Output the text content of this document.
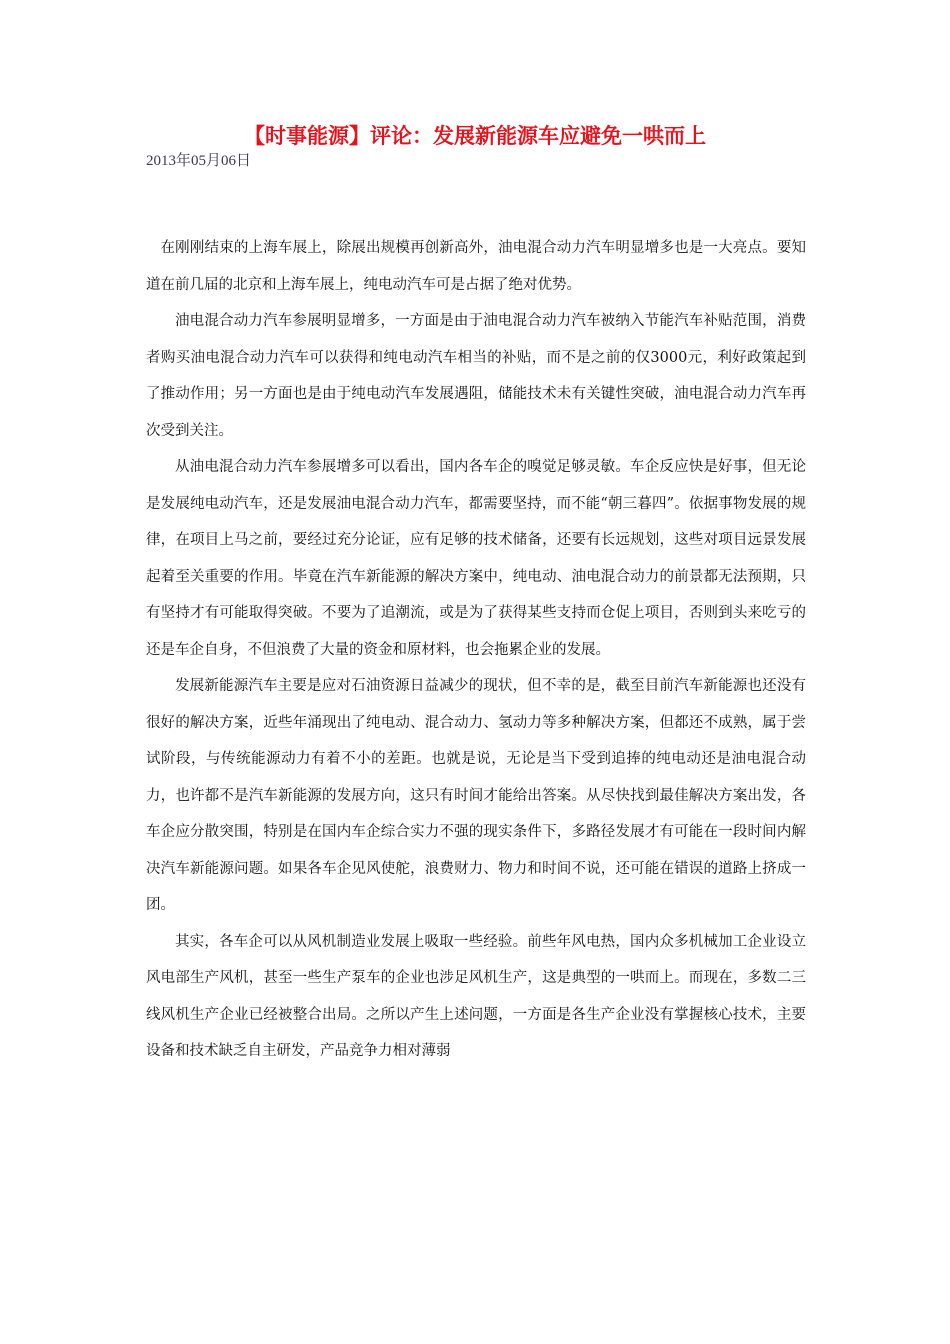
【时事能源】评论：发展新能源车应避免一哄而上
2013年05月06日

在刚刚结束的上海车展上，除展出规模再创新高外，油电混合动力汽车明显增多也是一大亮点。要知道在前几届的北京和上海车展上，纯电动汽车可是占据了绝对优势。

油电混合动力汽车参展明显增多，一方面是由于油电混合动力汽车被纳入节能汽车补贴范围，消费者购买油电混合动力汽车可以获得和纯电动汽车相当的补贴，而不是之前的仅3000元，利好政策起到了推动作用；另一方面也是由于纯电动汽车发展遇阻，储能技术未有关键性突破，油电混合动力汽车再次受到关注。

从油电混合动力汽车参展增多可以看出，国内各车企的嗅觉足够灵敏。车企反应快是好事，但无论是发展纯电动汽车，还是发展油电混合动力汽车，都需要坚持，而不能“朝三暮四”。依据事物发展的规律，在项目上马之前，要经过充分论证，应有足够的技术储备，还要有长远规划，这些对项目远景发展起着至关重要的作用。毕竟在汽车新能源的解决方案中，纯电动、油电混合动力的前景都无法预期，只有坚持才有可能取得突破。不要为了追潮流，或是为了获得某些支持而仓促上项目，否则到头来吃亏的还是车企自身，不但浪费了大量的资金和原材料，也会拖累企业的发展。

发展新能源汽车主要是应对石油资源日益减少的现状，但不幸的是，截至目前汽车新能源也还没有很好的解决方案，近些年涌现出了纯电动、混合动力、氢动力等多种解决方案，但都还不成熟，属于尝试阶段，与传统能源动力有着不小的差距。也就是说，无论是当下受到追捧的纯电动还是油电混合动力，也许都不是汽车新能源的发展方向，这只有时间才能给出答案。从尽快找到最佳解决方案出发，各车企应分散突围，特别是在国内车企综合实力不强的现实条件下，多路径发展才有可能在一段时间内解决汽车新能源问题。如果各车企见风使舵，浪费财力、物力和时间不说，还可能在错误的道路上挤成一团。

其实，各车企可以从风机制造业发展上吸取一些经验。前些年风电热，国内众多机械加工企业设立风电部生产风机，甚至一些生产泵车的企业也涉足风机生产，这是典型的一哄而上。而现在，多数二三线风机生产企业已经被整合出局。之所以产生上述问题，一方面是各生产企业没有掌握核心技术，主要设备和技术缺乏自主研发，产品竞争力相对薄弱
